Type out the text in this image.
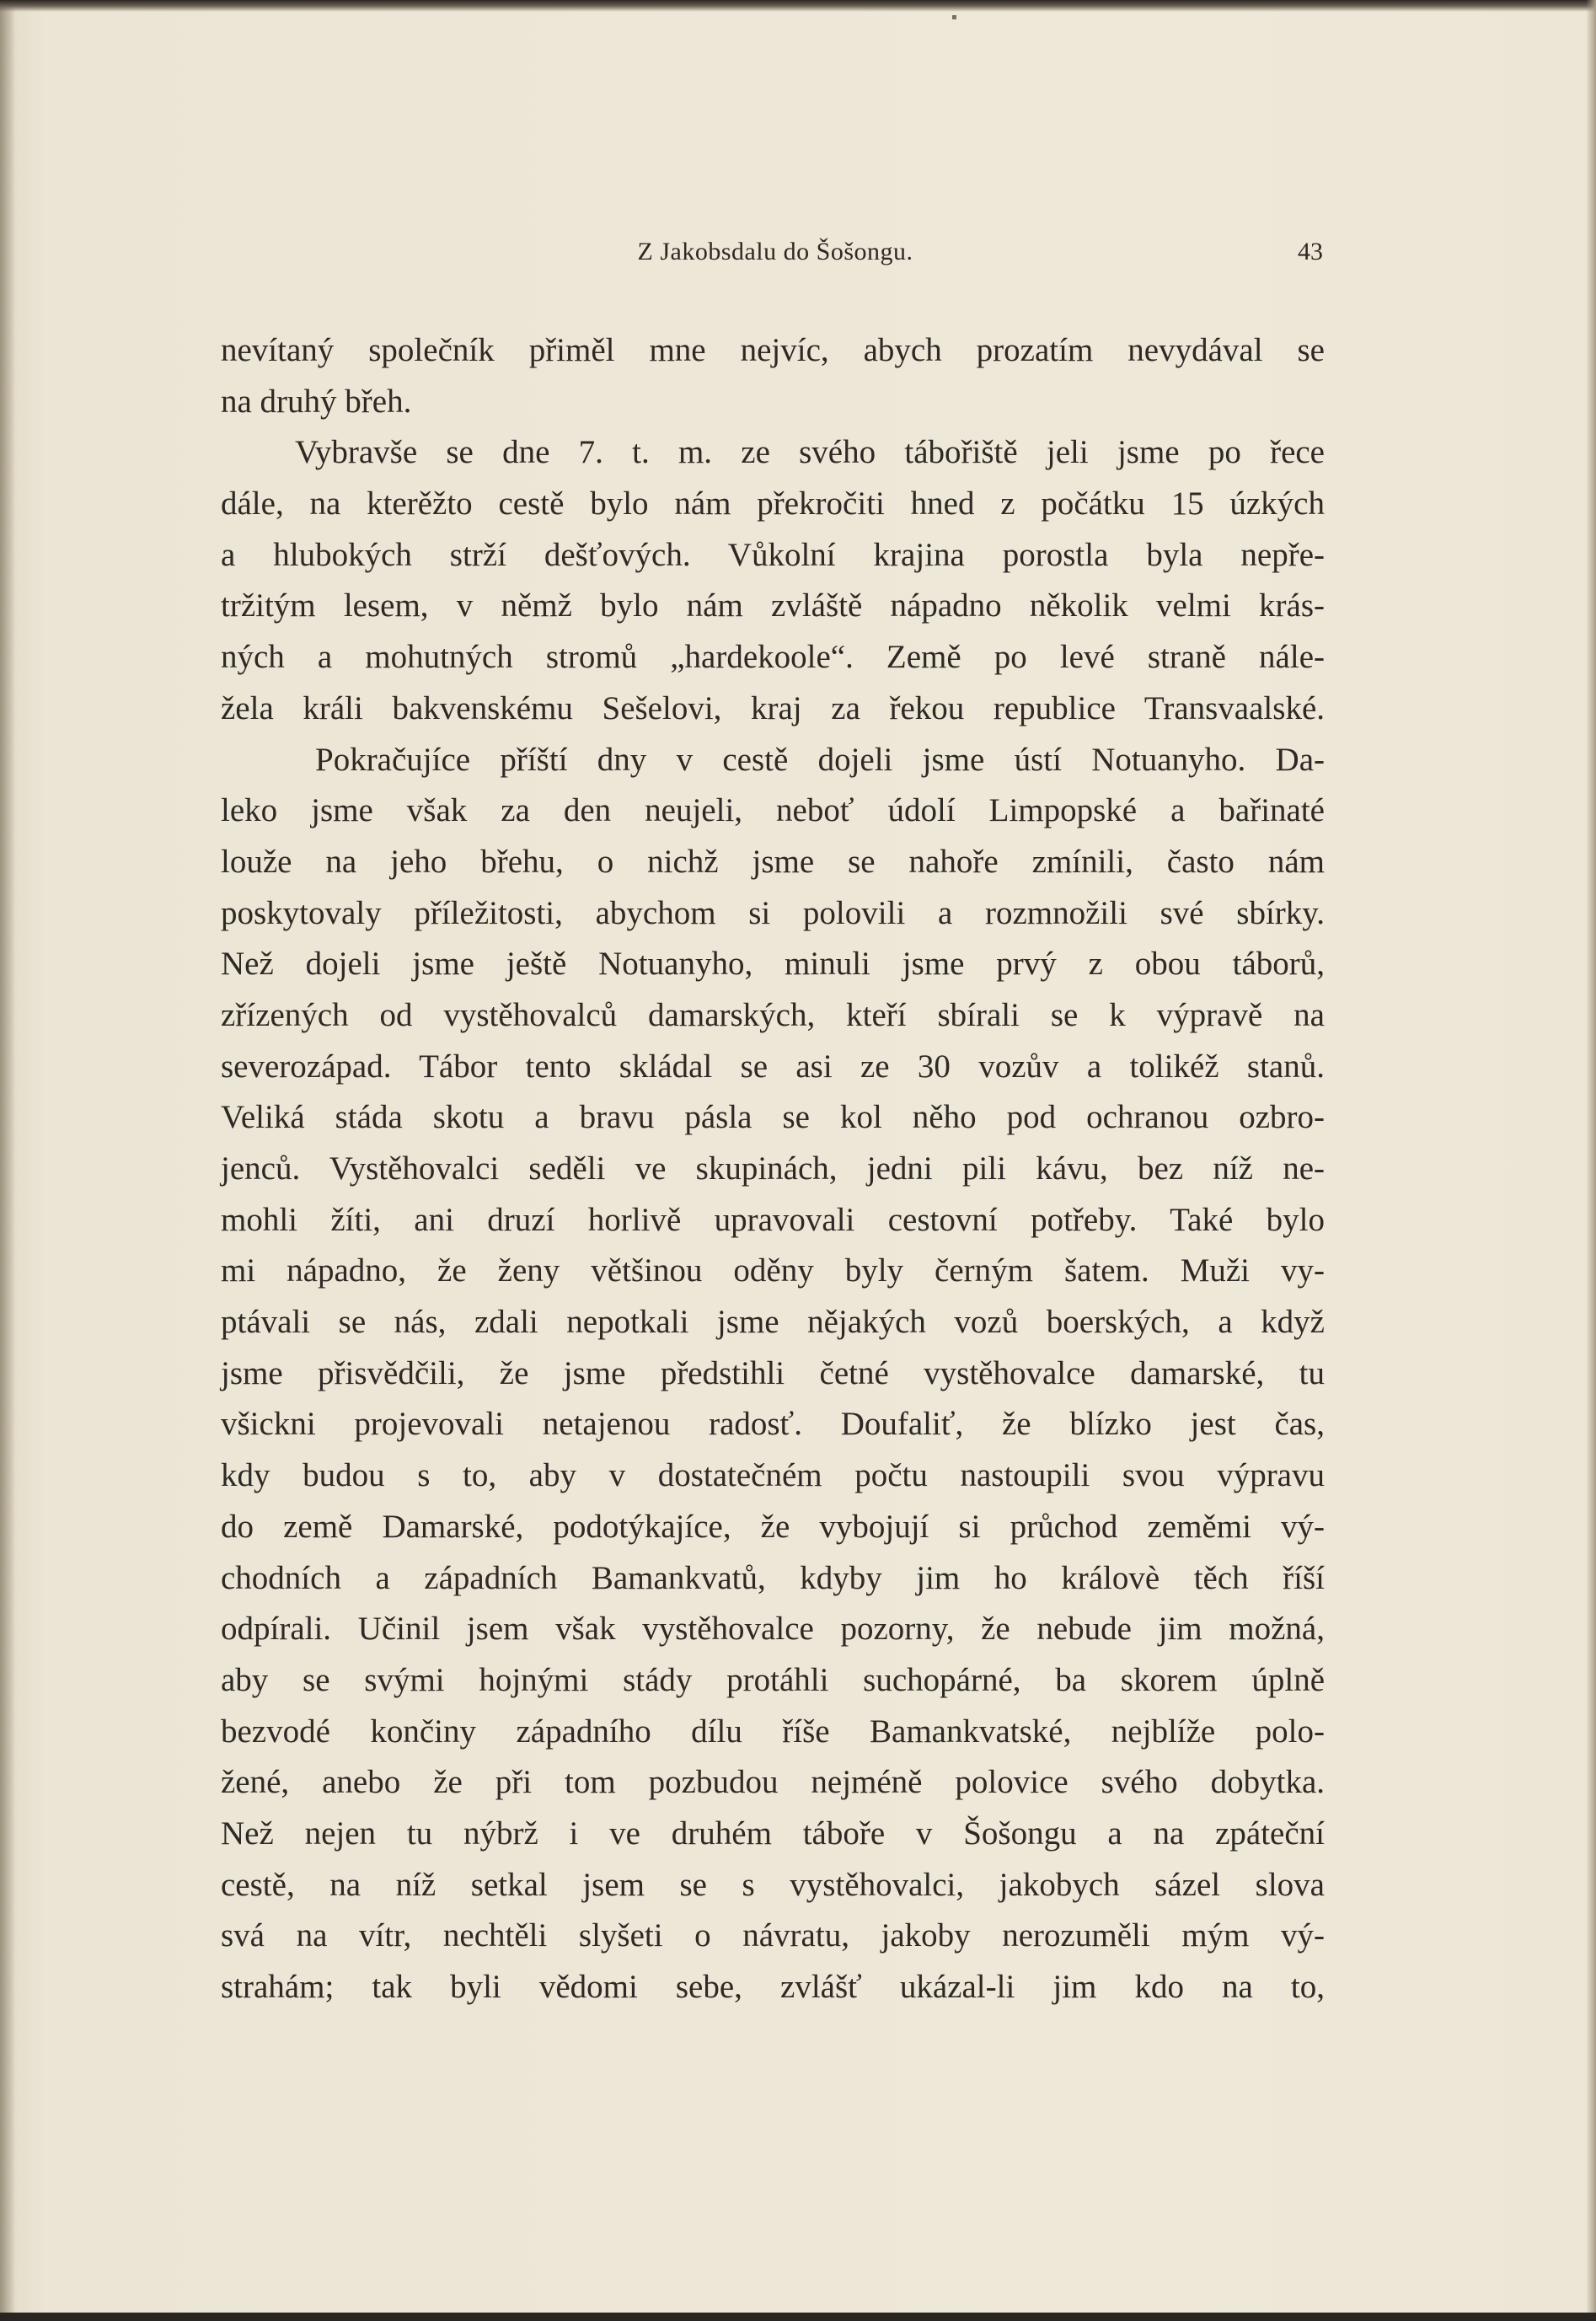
Z Jakobsdalu do Šošongu.	43
nevítaný společník přiměl mne nejvíc, abych prozatím nevydával se
na druhý břeh.
Vybravše se dne 7. t. m. ze svého tábořiště jeli jsme po řece
dále, na kterěžto cestě bylo nám překročiti hned z počátku 15 úzkých
a hlubokých strží dešťových. Vůkolní krajina porostla byla nepře-
tržitým lesem, v němž bylo nám zvláště nápadno několik velmi krás-
ných a mohutných stromů „hardekoole“. Země po levé straně nále-
žela králi bakvenskému Sešelovi, kraj za řekou republice Transvaalské.
Pokračujíce příští dny v cestě dojeli jsme ústí Notuanyho. Da-
leko jsme však za den neujeli, neboť údolí Limpopské a bařinaté
louže na jeho břehu, o nichž jsme se nahoře zmínili, často nám
poskytovaly příležitosti, abychom si polovili a rozmnožili své sbírky.
Než dojeli jsme ještě Notuanyho, minuli jsme prvý z obou táborů,
zřízených od vystěhovalců damarských, kteří sbírali se k výpravě na
severozápad. Tábor tento skládal se asi ze 30 vozův a tolikéž stanů.
Veliká stáda skotu a bravu pásla se kol něho pod ochranou ozbro-
jenců. Vystěhovalci seděli ve skupinách, jedni pili kávu, bez níž ne-
mohli žíti, ani druzí horlivě upravovali cestovní potřeby. Také bylo
mi nápadno, že ženy většinou oděny byly černým šatem. Muži vy-
ptávali se nás, zdali nepotkali jsme nějakých vozů boerských, a když
jsme přisvědčili, že jsme předstihli četné vystěhovalce damarské, tu
všickni projevovali netajenou radosť. Doufaliť, že blízko jest čas,
kdy budou s to, aby v dostatečném počtu nastoupili svou výpravu
do země Damarské, podotýkajíce, že vybojují si průchod zeměmi vý-
chodních a západních Bamankvatů, kdyby jim ho královè těch říší
odpírali. Učinil jsem však vystěhovalce pozorny, že nebude jim možná,
aby se svými hojnými stády protáhli suchopárné, ba skorem úplně
bezvodé končiny západního dílu říše Bamankvatské, nejblíže polo-
žené, anebo že při tom pozbudou nejméně polovice svého dobytka.
Než nejen tu nýbrž i ve druhém táboře v Šošongu a na zpáteční
cestě, na níž setkal jsem se s vystěhovalci, jakobych sázel slova
svá na vítr, nechtěli slyšeti o návratu, jakoby nerozuměli mým vý-
strahám; tak byli vědomi sebe, zvlášť ukázal-li jim kdo na to,
